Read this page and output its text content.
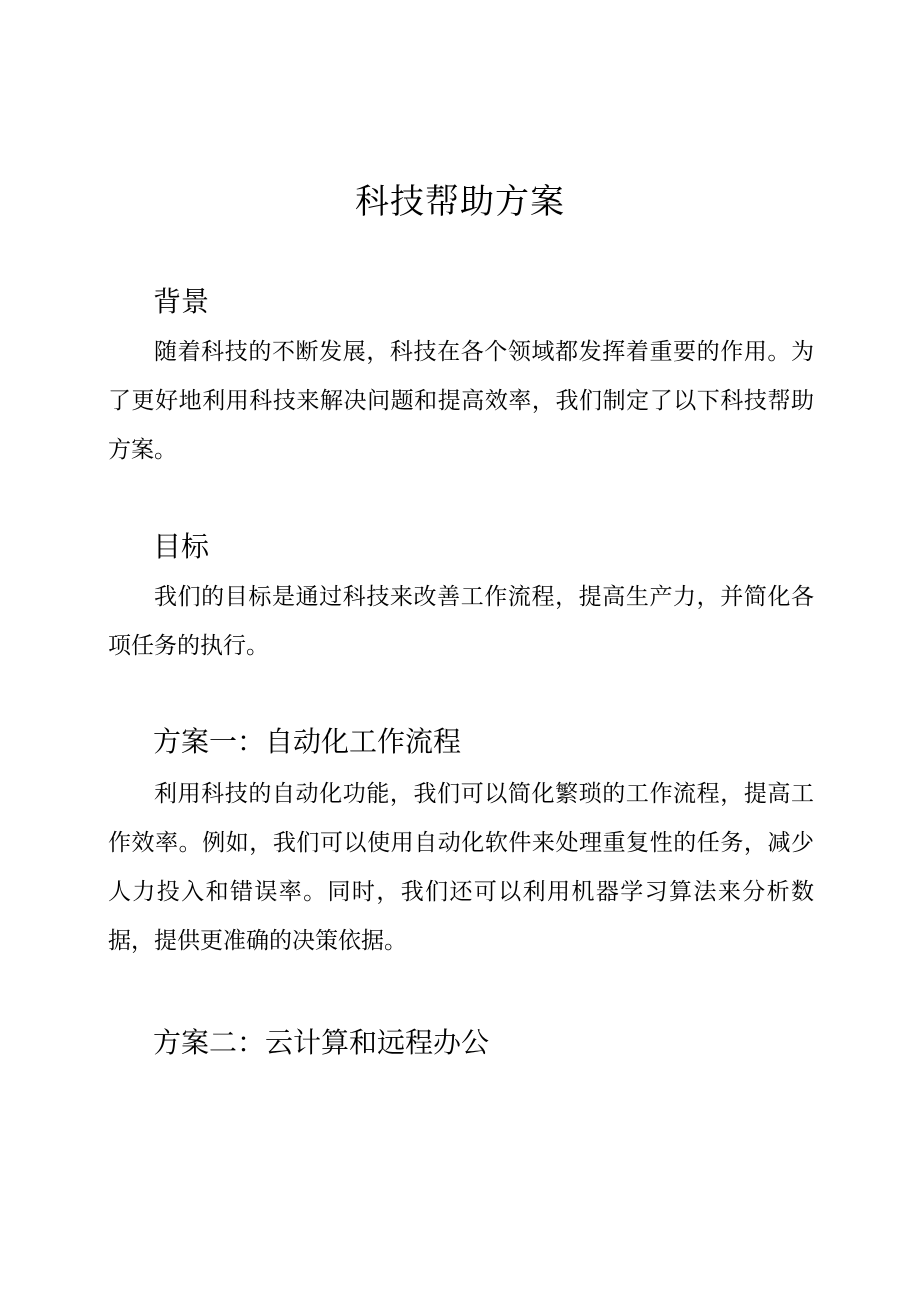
科技帮助方案
背景

随着科技的不断发展，科技在各个领域都发挥着重要的作用。为了更好地利用科技来解决问题和提高效率，我们制定了以下科技帮助方案。

目标

我们的目标是通过科技来改善工作流程，提高生产力，并简化各项任务的执行。

方案一：自动化工作流程

利用科技的自动化功能，我们可以简化繁琐的工作流程，提高工作效率。例如，我们可以使用自动化软件来处理重复性的任务，减少人力投入和错误率。同时，我们还可以利用机器学习算法来分析数据，提供更准确的决策依据。

方案二：云计算和远程办公
